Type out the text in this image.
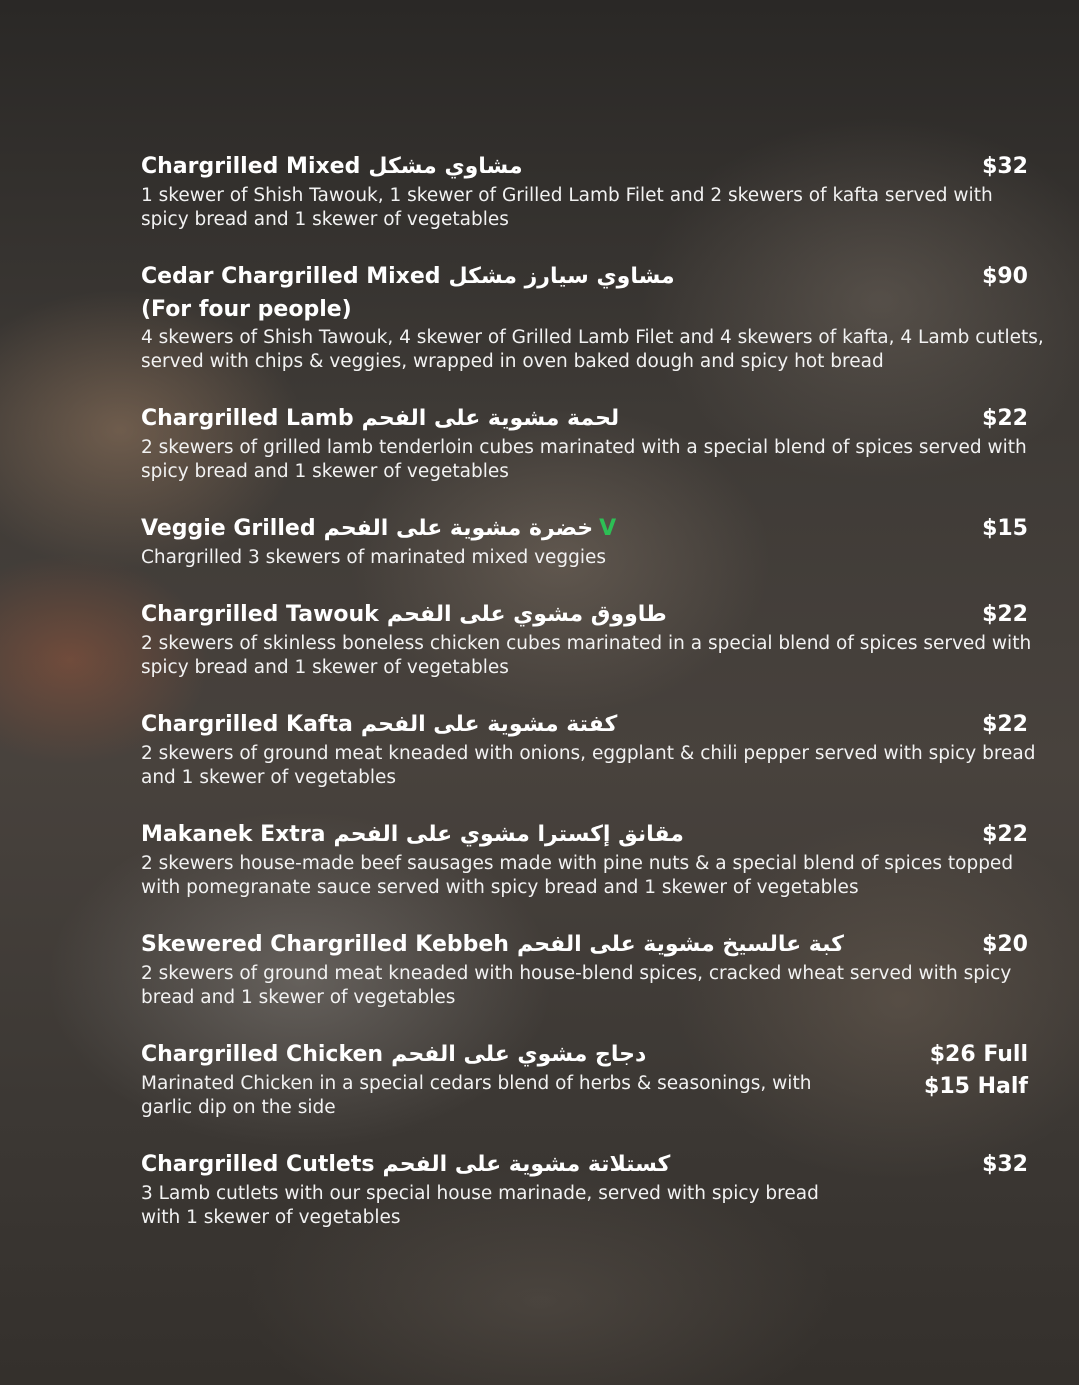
Chargrilled Mixed مشاوي مشكل	$32
1 skewer of Shish Tawouk, 1 skewer of Grilled Lamb Filet and 2 skewers of kafta served with spicy bread and 1 skewer of vegetables
Cedar Chargrilled Mixed مشاوي سيارز مشكل	$90
(For four people)
4 skewers of Shish Tawouk, 4 skewer of Grilled Lamb Filet and 4 skewers of kafta, 4 Lamb cutlets, served with chips & veggies, wrapped in oven baked dough and spicy hot bread
Chargrilled Lamb لحمة مشوية على الفحم	$22
2 skewers of grilled lamb tenderloin cubes marinated with a special blend of spices served with spicy bread and 1 skewer of vegetables
Veggie Grilled خضرة مشوية على الفحم V	$15
Chargrilled 3 skewers of marinated mixed veggies
Chargrilled Tawouk طاووق مشوي على الفحم	$22
2 skewers of skinless boneless chicken cubes marinated in a special blend of spices served with spicy bread and 1 skewer of vegetables
Chargrilled Kafta كفتة مشوية على الفحم	$22
2 skewers of ground meat kneaded with onions, eggplant & chili pepper served with spicy bread and 1 skewer of vegetables
Makanek Extra مقانق إكسترا مشوي على الفحم	$22
2 skewers house-made beef sausages made with pine nuts & a special blend of spices topped with pomegranate sauce served with spicy bread and 1 skewer of vegetables
Skewered Chargrilled Kebbeh كبة عالسيخ مشوية على الفحم	$20
2 skewers of ground meat kneaded with house-blend spices, cracked wheat served with spicy bread and 1 skewer of vegetables
Chargrilled Chicken دجاج مشوي على الفحم	$26 Full
Marinated Chicken in a special cedars blend of herbs & seasonings, with garlic dip on the side
$15 Half
Chargrilled Cutlets كستلاتة مشوية على الفحم	$32
3 Lamb cutlets with our special house marinade, served with spicy bread with 1 skewer of vegetables
